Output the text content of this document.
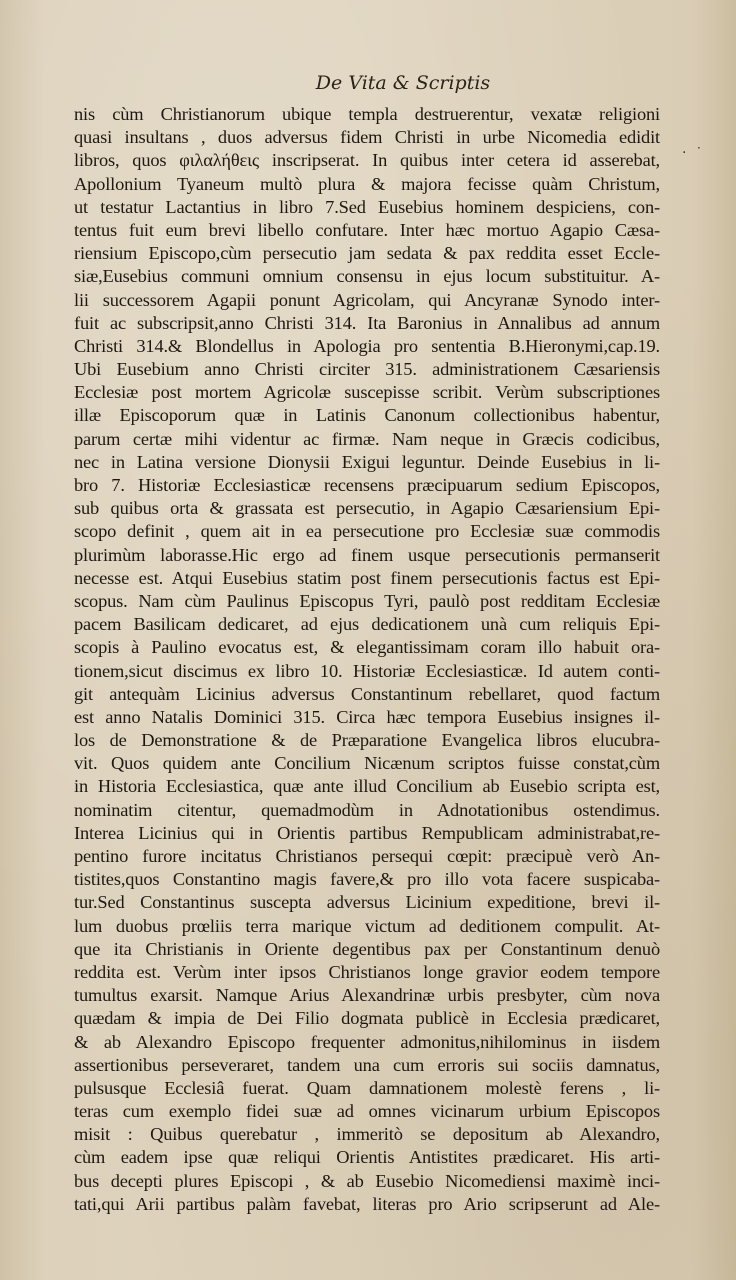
De Vita & Scriptis
nis cùm Christianorum ubique templa destruerentur, vexatæ religioni
quasi insultans , duos adversus fidem Christi in urbe Nicomedia edidit
libros, quos φιλαλήθεις inscripserat. In quibus inter cetera id asserebat,
Apollonium Tyaneum multò plura & majora fecisse quàm Christum,
ut testatur Lactantius in libro 7.Sed Eusebius hominem despiciens, con-
tentus fuit eum brevi libello confutare. Inter hæc mortuo Agapio Cæsa-
riensium Episcopo,cùm persecutio jam sedata & pax reddita esset Eccle-
siæ,Eusebius communi omnium consensu in ejus locum substituitur. A-
lii successorem Agapii ponunt Agricolam, qui Ancyranæ Synodo inter-
fuit ac subscripsit,anno Christi 314. Ita Baronius in Annalibus ad annum
Christi 314.& Blondellus in Apologia pro sententia B.Hieronymi,cap.19.
Ubi Eusebium anno Christi circiter 315. administrationem Cæsariensis
Ecclesiæ post mortem Agricolæ suscepisse scribit. Verùm subscriptiones
illæ Episcoporum quæ in Latinis Canonum collectionibus habentur,
parum certæ mihi videntur ac firmæ. Nam neque in Græcis codicibus,
nec in Latina versione Dionysii Exigui leguntur. Deinde Eusebius in li-
bro 7. Historiæ Ecclesiasticæ recensens præcipuarum sedium Episcopos,
sub quibus orta & grassata est persecutio, in Agapio Cæsariensium Epi-
scopo definit , quem ait in ea persecutione pro Ecclesiæ suæ commodis
plurimùm laborasse.Hic ergo ad finem usque persecutionis permanserit
necesse est. Atqui Eusebius statim post finem persecutionis factus est Epi-
scopus. Nam cùm Paulinus Episcopus Tyri, paulò post redditam Ecclesiæ
pacem Basilicam dedicaret, ad ejus dedicationem unà cum reliquis Epi-
scopis à Paulino evocatus est, & elegantissimam coram illo habuit ora-
tionem,sicut discimus ex libro 10. Historiæ Ecclesiasticæ. Id autem conti-
git antequàm Licinius adversus Constantinum rebellaret, quod factum
est anno Natalis Dominici 315. Circa hæc tempora Eusebius insignes il-
los de Demonstratione & de Præparatione Evangelica libros elucubra-
vit. Quos quidem ante Concilium Nicænum scriptos fuisse constat,cùm
in Historia Ecclesiastica, quæ ante illud Concilium ab Eusebio scripta est,
nominatim citentur, quemadmodùm in Adnotationibus ostendimus.
Interea Licinius qui in Orientis partibus Rempublicam administrabat,re-
pentino furore incitatus Christianos persequi cœpit: præcipuè verò An-
tistites,quos Constantino magis favere,& pro illo vota facere suspicaba-
tur.Sed Constantinus suscepta adversus Licinium expeditione, brevi il-
lum duobus prœliis terra marique victum ad deditionem compulit. At-
que ita Christianis in Oriente degentibus pax per Constantinum denuò
reddita est. Verùm inter ipsos Christianos longe gravior eodem tempore
tumultus exarsit. Namque Arius Alexandrinæ urbis presbyter, cùm nova
quædam & impia de Dei Filio dogmata publicè in Ecclesia prædicaret,
& ab Alexandro Episcopo frequenter admonitus,nihilominus in iisdem
assertionibus perseveraret, tandem una cum erroris sui sociis damnatus,
pulsusque Ecclesiâ fuerat. Quam damnationem molestè ferens , li-
teras cum exemplo fidei suæ ad omnes vicinarum urbium Episcopos
misit : Quibus querebatur , immeritò se depositum ab Alexandro,
cùm eadem ipse quæ reliqui Orientis Antistites prædicaret. His arti-
bus decepti plures Episcopi , & ab Eusebio Nicomediensi maximè inci-
tati,qui Arii partibus palàm favebat, literas pro Ario scripserunt ad Ale-
⋅ ⋅
